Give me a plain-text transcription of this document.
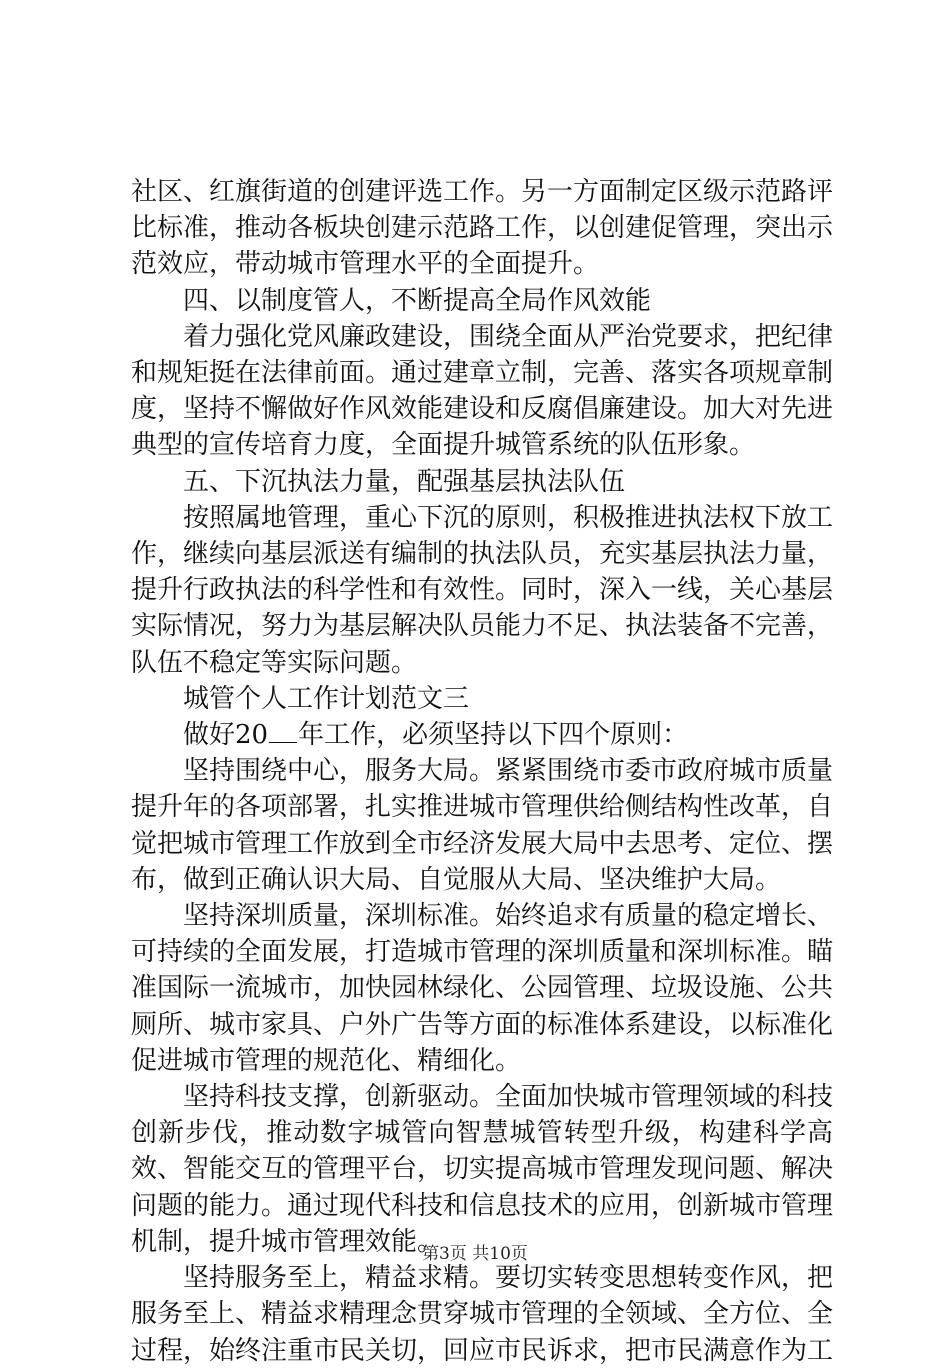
社区、红旗街道的创建评选工作。另一方面制定区级示范路评比标准，推动各板块创建示范路工作，以创建促管理，突出示范效应，带动城市管理水平的全面提升。

四、以制度管人，不断提高全局作风效能

着力强化党风廉政建设，围绕全面从严治党要求，把纪律和规矩挺在法律前面。通过建章立制，完善、落实各项规章制度，坚持不懈做好作风效能建设和反腐倡廉建设。加大对先进典型的宣传培育力度，全面提升城管系统的队伍形象。

五、下沉执法力量，配强基层执法队伍

按照属地管理，重心下沉的原则，积极推进执法权下放工作，继续向基层派送有编制的执法队员，充实基层执法力量，提升行政执法的科学性和有效性。同时，深入一线，关心基层实际情况，努力为基层解决队员能力不足、执法装备不完善，队伍不稳定等实际问题。

城管个人工作计划范文三

做好20 年工作，必须坚持以下四个原则：

坚持围绕中心，服务大局。紧紧围绕市委市政府城市质量提升年的各项部署，扎实推进城市管理供给侧结构性改革，自觉把城市管理工作放到全市经济发展大局中去思考、定位、摆布，做到正确认识大局、自觉服从大局、坚决维护大局。

坚持深圳质量，深圳标准。始终追求有质量的稳定增长、可持续的全面发展，打造城市管理的深圳质量和深圳标准。瞄准国际一流城市，加快园林绿化、公园管理、垃圾设施、公共厕所、城市家具、户外广告等方面的标准体系建设，以标准化促进城市管理的规范化、精细化。

坚持科技支撑，创新驱动。全面加快城市管理领域的科技创新步伐，推动数字城管向智慧城管转型升级，构建科学高效、智能交互的管理平台，切实提高城市管理发现问题、解决问题的能力。通过现代科技和信息技术的应用，创新城市管理机制，提升城市管理效能。

坚持服务至上，精益求精。要切实转变思想转变作风，把服务至上、精益求精理念贯穿城市管理的全领域、全方位、全过程，始终注重市民关切，回应市民诉求，把市民满意作为工

第3页 共10页
